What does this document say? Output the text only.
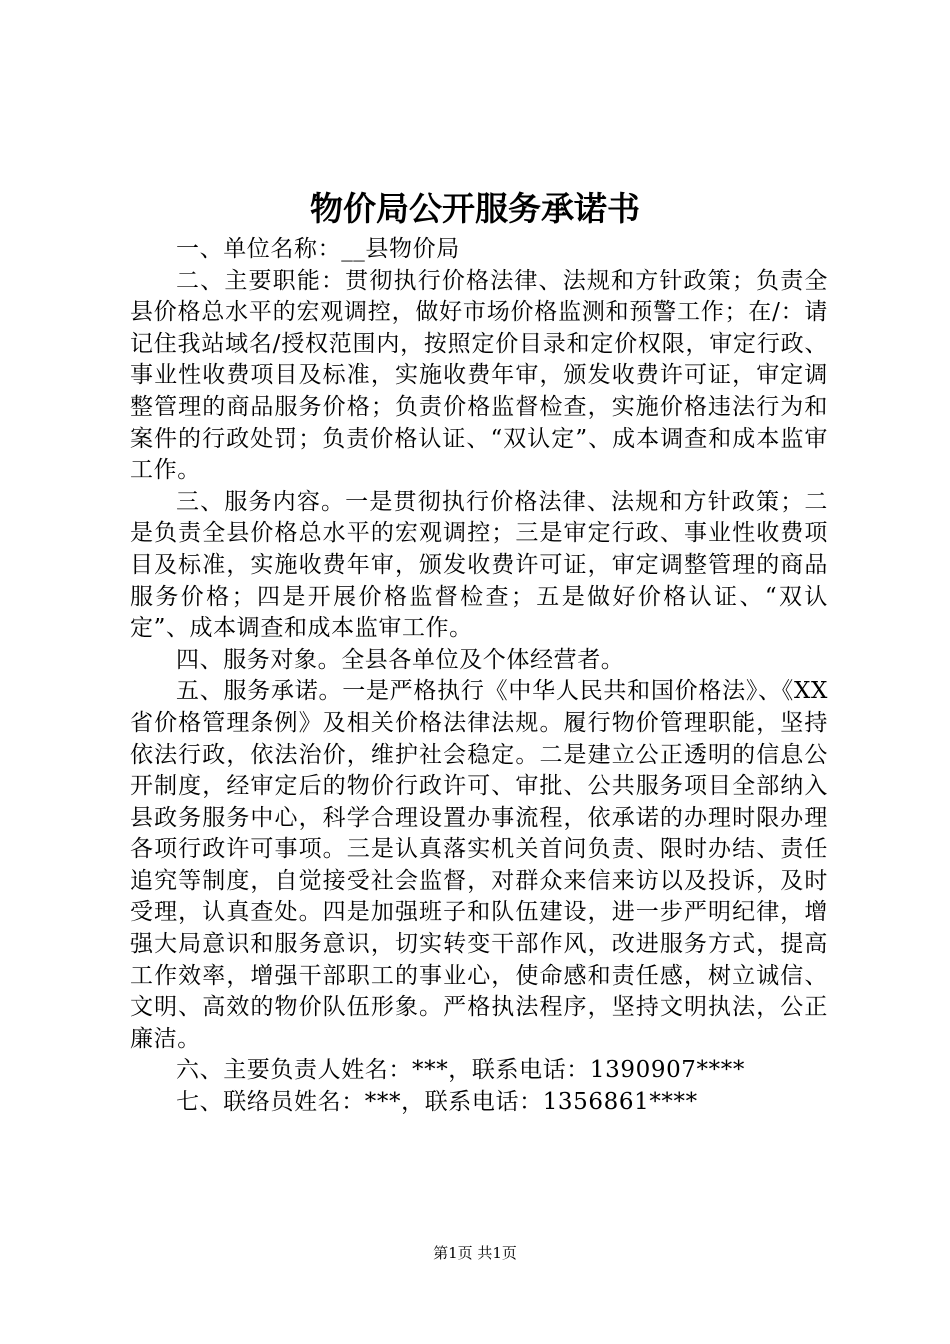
物价局公开服务承诺书

一、单位名称：__县物价局

二、主要职能：贯彻执行价格法律、法规和方针政策；负责全县价格总水平的宏观调控，做好市场价格监测和预警工作；在/：请记住我站域名/授权范围内，按照定价目录和定价权限，审定行政、事业性收费项目及标准，实施收费年审，颁发收费许可证，审定调整管理的商品服务价格；负责价格监督检查，实施价格违法行为和案件的行政处罚；负责价格认证、“双认定”、成本调查和成本监审工作。

三、服务内容。一是贯彻执行价格法律、法规和方针政策；二是负责全县价格总水平的宏观调控；三是审定行政、事业性收费项目及标准，实施收费年审，颁发收费许可证，审定调整管理的商品服务价格；四是开展价格监督检查；五是做好价格认证、“双认定”、成本调查和成本监审工作。

四、服务对象。全县各单位及个体经营者。

五、服务承诺。一是严格执行《中华人民共和国价格法》、《XX省价格管理条例》及相关价格法律法规。履行物价管理职能，坚持依法行政，依法治价，维护社会稳定。二是建立公正透明的信息公开制度，经审定后的物价行政许可、审批、公共服务项目全部纳入县政务服务中心，科学合理设置办事流程，依承诺的办理时限办理各项行政许可事项。三是认真落实机关首问负责、限时办结、责任追究等制度，自觉接受社会监督，对群众来信来访以及投诉，及时受理，认真查处。四是加强班子和队伍建设，进一步严明纪律，增强大局意识和服务意识，切实转变干部作风，改进服务方式，提高工作效率，增强干部职工的事业心，使命感和责任感，树立诚信、文明、高效的物价队伍形象。严格执法程序，坚持文明执法，公正廉洁。

六、主要负责人姓名：***，联系电话：1390907****

七、联络员姓名：***，联系电话：1356861****

第1页 共1页
